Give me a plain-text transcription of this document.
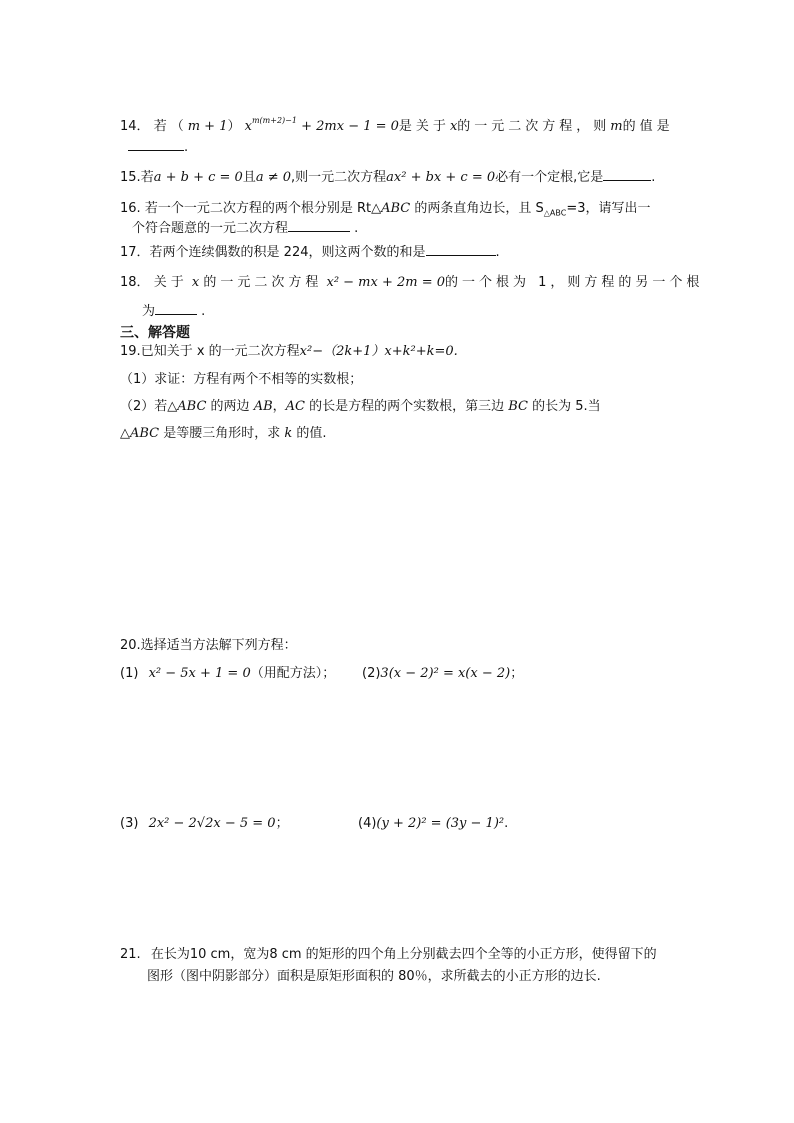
14． 若（m + 1） $x^{m(m+2)-1} + 2mx - 1 = 0$是关于x的一元二次方程，则m的值是
.
15.若a + b + c = 0且a ≠ 0,则一元二次方程ax² + bx + c = 0必有一个定根,它是	.
16. 若一个一元二次方程的两个根分别是 Rt△ABC 的两条直角边长，且 $S_{\triangle ABC}=3$，请写出一
个符合题意的一元二次方程	.
17．若两个连续偶数的积是 224，则这两个数的和是	.
18． 关于 x 的一元二次方程 x² − mx + 2m = 0的一个根为 1，则方程的另一个根
为	.
三、解答题
19.已知关于 x 的一元二次方程x²−（2k+1）x+k²+k=0.
（1）求证：方程有两个不相等的实数根；
（2）若△ABC 的两边 AB，AC 的长是方程的两个实数根，第三边 BC 的长为 5.当
△ABC 是等腰三角形时，求 k 的值.
20.选择适当方法解下列方程：
(1) x² − 5x + 1 = 0（用配方法）； (2)3(x − 2)² = x(x − 2)；
(3) 2x² − 2√2x − 5 = 0；	(4)(y + 2)² = (3y − 1)².
21. 在长为10 cm，宽为8 cm 的矩形的四个角上分别截去四个全等的小正方形，使得留下的
图形（图中阴影部分）面积是原矩形面积的 80％，求所截去的小正方形的边长.
